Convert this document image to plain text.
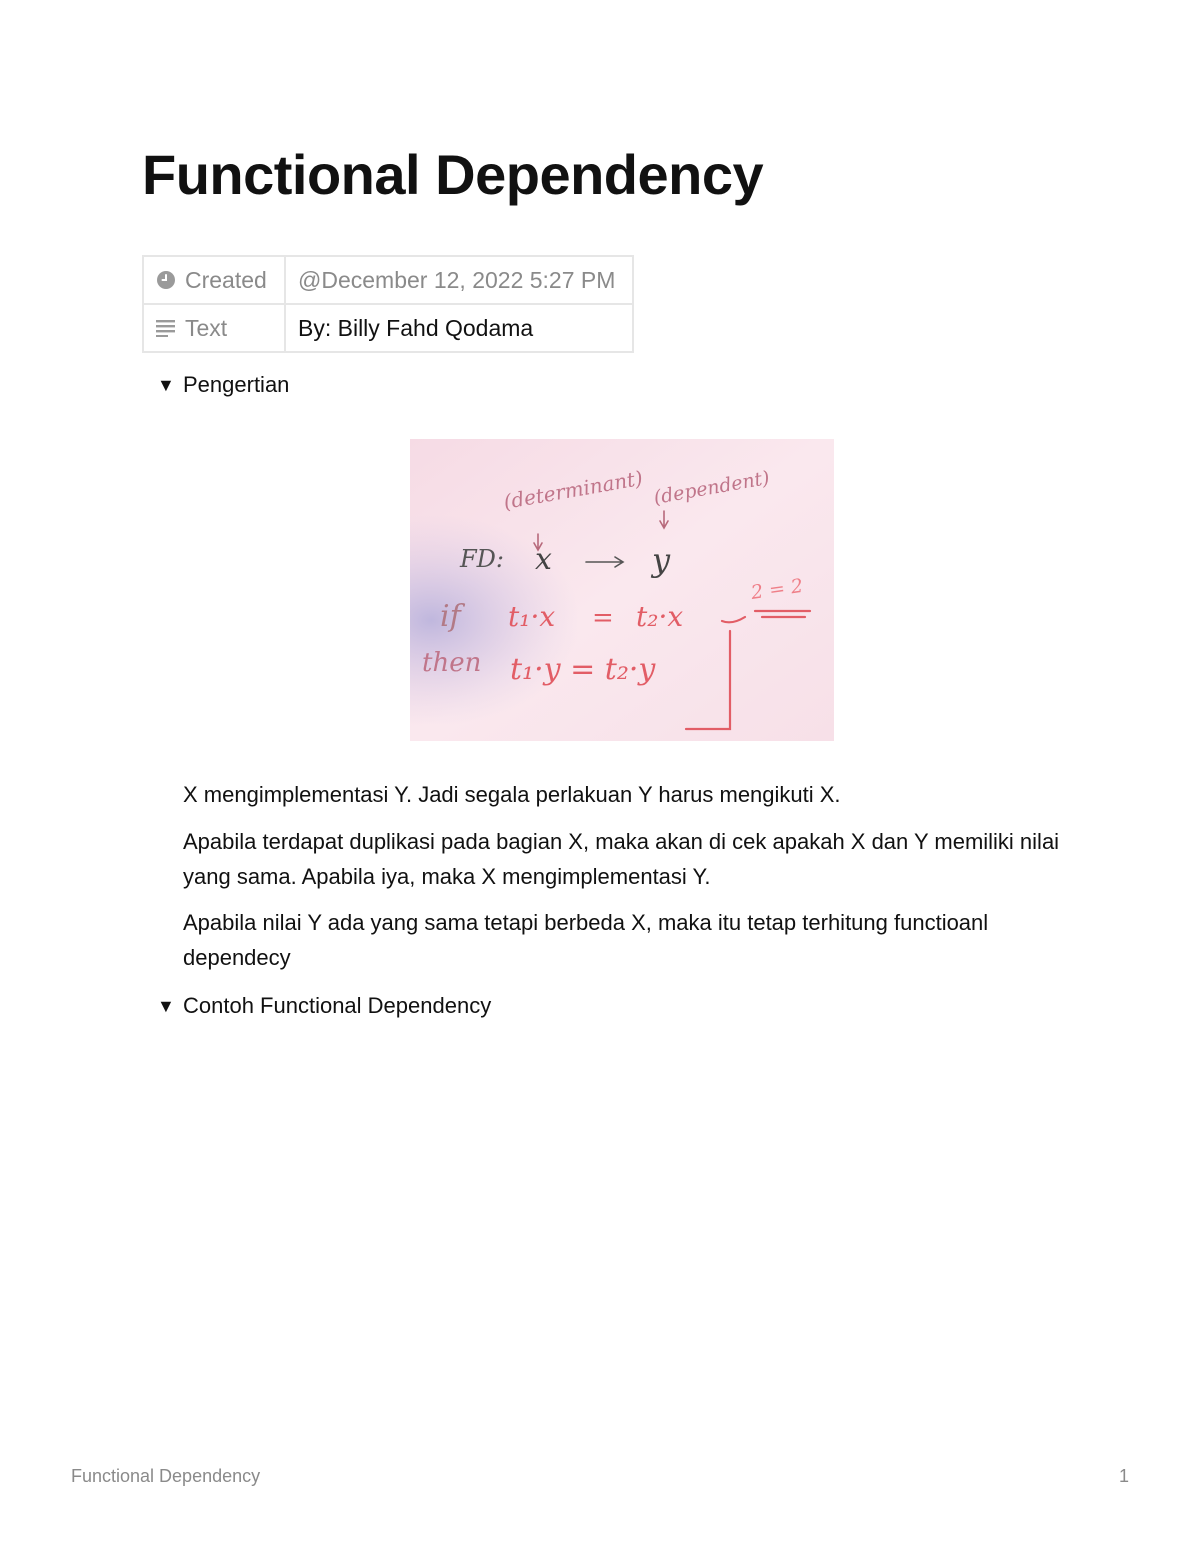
Functional Dependency
Created	@December 12, 2022 5:27 PM

Text	By: Billy Fahd Qodama
▼ Pengertian
(determinant) (dependent)
FD: x	y
if t₁·x = t₂·x
2 = 2
then t₁·y = t₂·y

X mengimplementasi Y. Jadi segala perlakuan Y harus mengikuti X.

Apabila terdapat duplikasi pada bagian X, maka akan di cek apakah X dan Y memiliki nilai yang sama. Apabila iya, maka X mengimplementasi Y.

Apabila nilai Y ada yang sama tetapi berbeda X, maka itu tetap terhitung functioanl dependecy

▼ Contoh Functional Dependency
Functional Dependency	1
